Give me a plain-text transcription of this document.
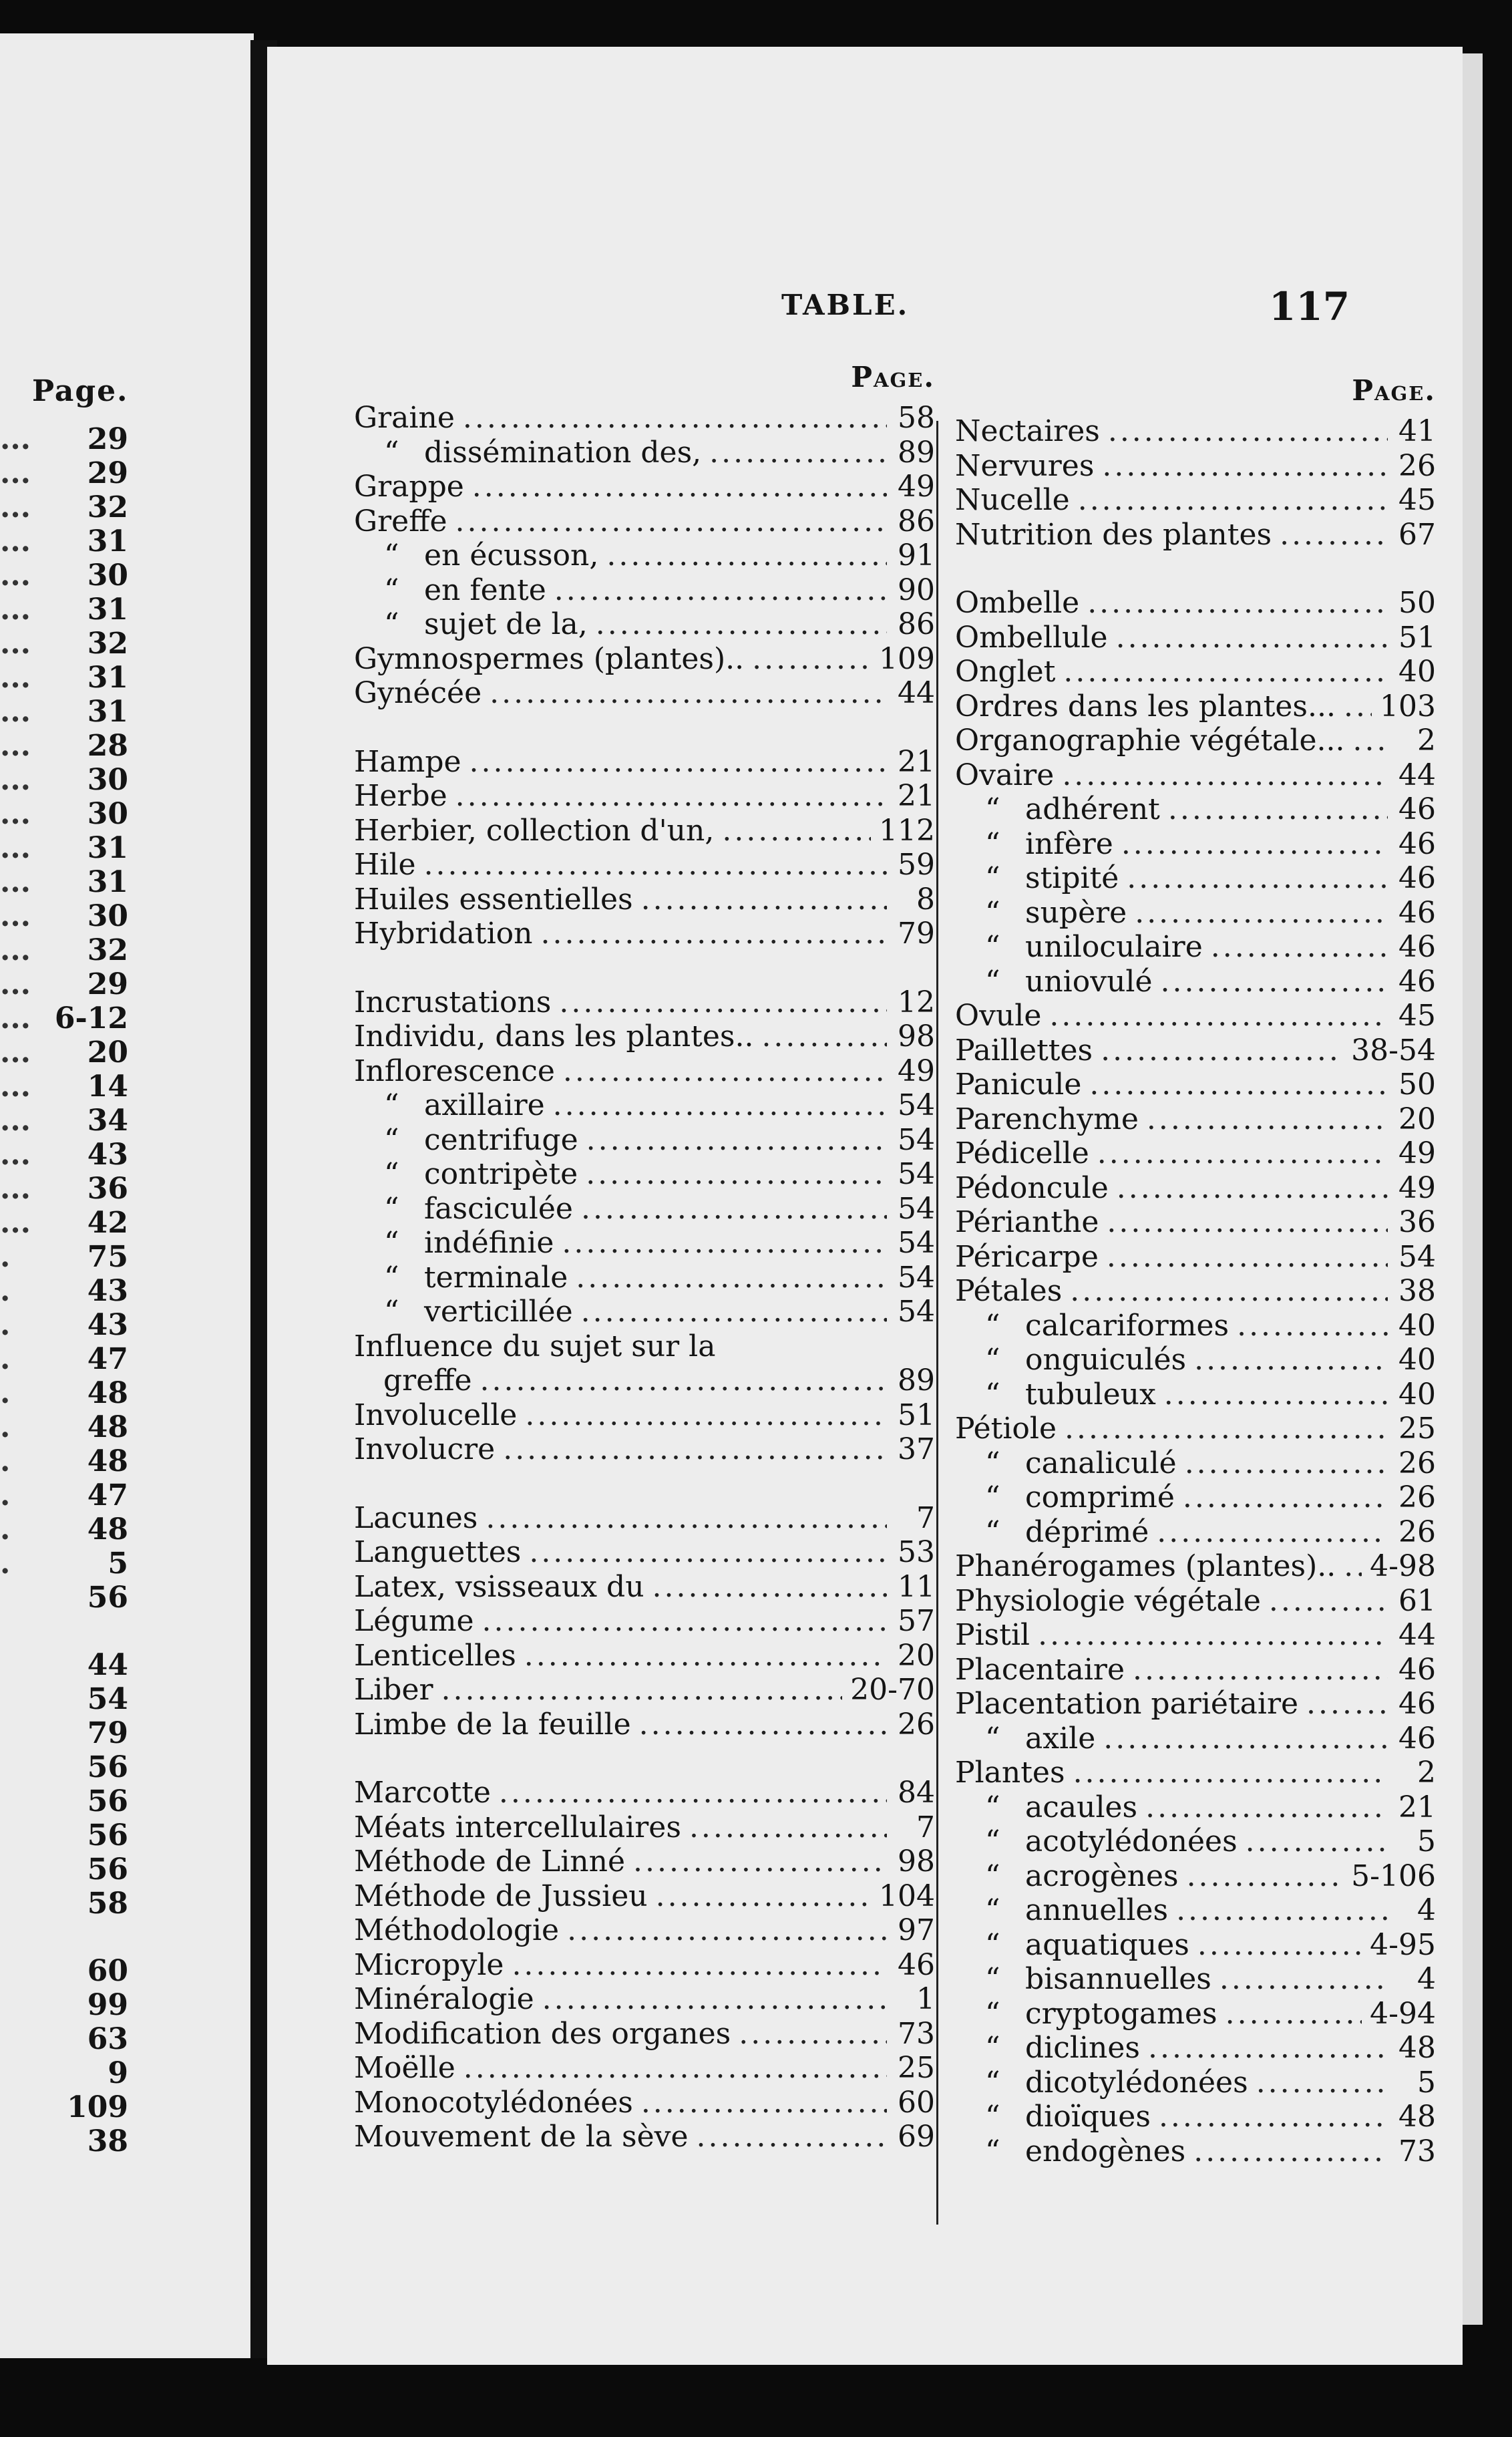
Page.
...	29
...	29
...	32
...	31
...	30
...	31
...	32
...	31
...	31
...	28
...	30
...	30
...	31
...	31
...	30
...	32
...	29
... 6-12
...	20
...	14
...	34
...	43
...	36
...	42
.	75
.	43
.	43
.	47
.	48
.	48
.	48
.	47
.	48
.	5
56
44
54
79
56
56
56
56
58
60
99
63
9
109
38
TABLE.	117
Page.
Graine .....	58
“ dissémination des, .....	89
Grappe .....	49
Greffe .....	86
“ en écusson, .....	91
“ en fente .....	90
“ sujet de la, .....	86
Gymnospermes (plantes).. .....	109
Gynécée .....	44
Hampe .....	21
Herbe .....	21
Herbier, collection d'un, .....	112
Hile .....	59
Huiles essentielles .....	8
Hybridation .....	79
Incrustations .....	12
Individu, dans les plantes.. .....	98
Inflorescence .....	49
“ axillaire .....	54
“ centrifuge .....	54
“ contripète .....	54
“ fasciculée .....	54
“ indéfinie .....	54
“ terminale .....	54
“ verticillée .....	54
Influence du sujet sur la
greffe .....	89
Involucelle .....	51
Involucre .....	37
Lacunes .....	7
Languettes .....	53
Latex, vsisseaux du .....	11
Légume .....	57
Lenticelles .....	20
Liber .....	20-70
Limbe de la feuille .....	26
Marcotte .....	84
Méats intercellulaires .....	7
Méthode de Linné .....	98
Méthode de Jussieu .....	104
Méthodologie .....	97
Micropyle .....	46
Minéralogie .....	1
Modification des organes .....	73
Moëlle .....	25
Monocotylédonées .....	60
Mouvement de la sève .....	69
Page.
Nectaires .....	41
Nervures .....	26
Nucelle .....	45
Nutrition des plantes .....	67
Ombelle .....	50
Ombellule .....	51
Onglet .....	40
Ordres dans les plantes... ..... 103
Organographie végétale... .....	2
Ovaire .....	44
“ adhérent .....	46
“ infère .....	46
“ stipité .....	46
“ supère .....	46
“ uniloculaire .....	46
“ uniovulé .....	46
Ovule .....	45
Paillettes .....	38-54
Panicule .....	50
Parenchyme .....	20
Pédicelle .....	49
Pédoncule .....	49
Périanthe .....	36
Péricarpe .....	54
Pétales .....	38
“ calcariformes .....	40
“ onguiculés .....	40
“ tubuleux .....	40
Pétiole .....	25
“ canaliculé .....	26
“ comprimé .....	26
“ déprimé .....	26
Phanérogames (plantes).. ..... 4-98
Physiologie végétale .....	61
Pistil .....	44
Placentaire .....	46
Placentation pariétaire .....	46
“ axile .....	46
Plantes .....	2
“ acaules .....	21
“ acotylédonées .....	5
“ acrogènes .....	5-106
“ annuelles .....	4
“ aquatiques .....	4-95
“ bisannuelles .....	4
“ cryptogames .....	4-94
“ diclines .....	48
“ dicotylédonées .....	5
“ dioïques .....	48
“ endogènes .....	73
